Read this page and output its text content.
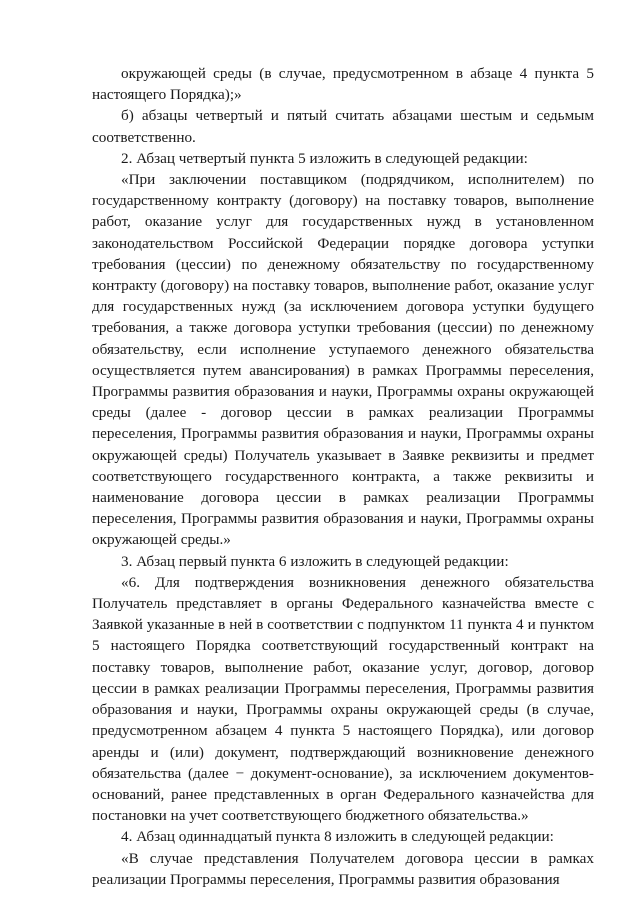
окружающей среды (в случае, предусмотренном в абзаце 4 пункта 5 настоящего Порядка);»

б) абзацы четвертый и пятый считать абзацами шестым и седьмым соответственно.

2. Абзац четвертый пункта 5 изложить в следующей редакции:

«При заключении поставщиком (подрядчиком, исполнителем) по государственному контракту (договору) на поставку товаров, выполнение работ, оказание услуг для государственных нужд в установленном законодательством Российской Федерации порядке договора уступки требования (цессии) по денежному обязательству по государственному контракту (договору) на поставку товаров, выполнение работ, оказание услуг для государственных нужд (за исключением договора уступки будущего требования, а также договора уступки требования (цессии) по денежному обязательству, если исполнение уступаемого денежного обязательства осуществляется путем авансирования) в рамках Программы переселения, Программы развития образования и науки, Программы охраны окружающей среды (далее - договор цессии в рамках реализации Программы переселения, Программы развития образования и науки, Программы охраны окружающей среды) Получатель указывает в Заявке реквизиты и предмет соответствующего государственного контракта, а также реквизиты и наименование договора цессии в рамках реализации Программы переселения, Программы развития образования и науки, Программы охраны окружающей среды.»

3. Абзац первый пункта 6 изложить в следующей редакции:

«6. Для подтверждения возникновения денежного обязательства Получатель представляет в органы Федерального казначейства вместе с Заявкой указанные в ней в соответствии с подпунктом 11 пункта 4 и пунктом 5 настоящего Порядка соответствующий государственный контракт на поставку товаров, выполнение работ, оказание услуг, договор, договор цессии в рамках реализации Программы переселения, Программы развития образования и науки, Программы охраны окружающей среды (в случае, предусмотренном абзацем 4 пункта 5 настоящего Порядка), или договор аренды и (или) документ, подтверждающий возникновение денежного обязательства (далее − документ-основание), за исключением документов-оснований, ранее представленных в орган Федерального казначейства для постановки на учет соответствующего бюджетного обязательства.»

4. Абзац одиннадцатый пункта 8 изложить в следующей редакции:

«В случае представления Получателем договора цессии в рамках реализации Программы переселения, Программы развития образования
